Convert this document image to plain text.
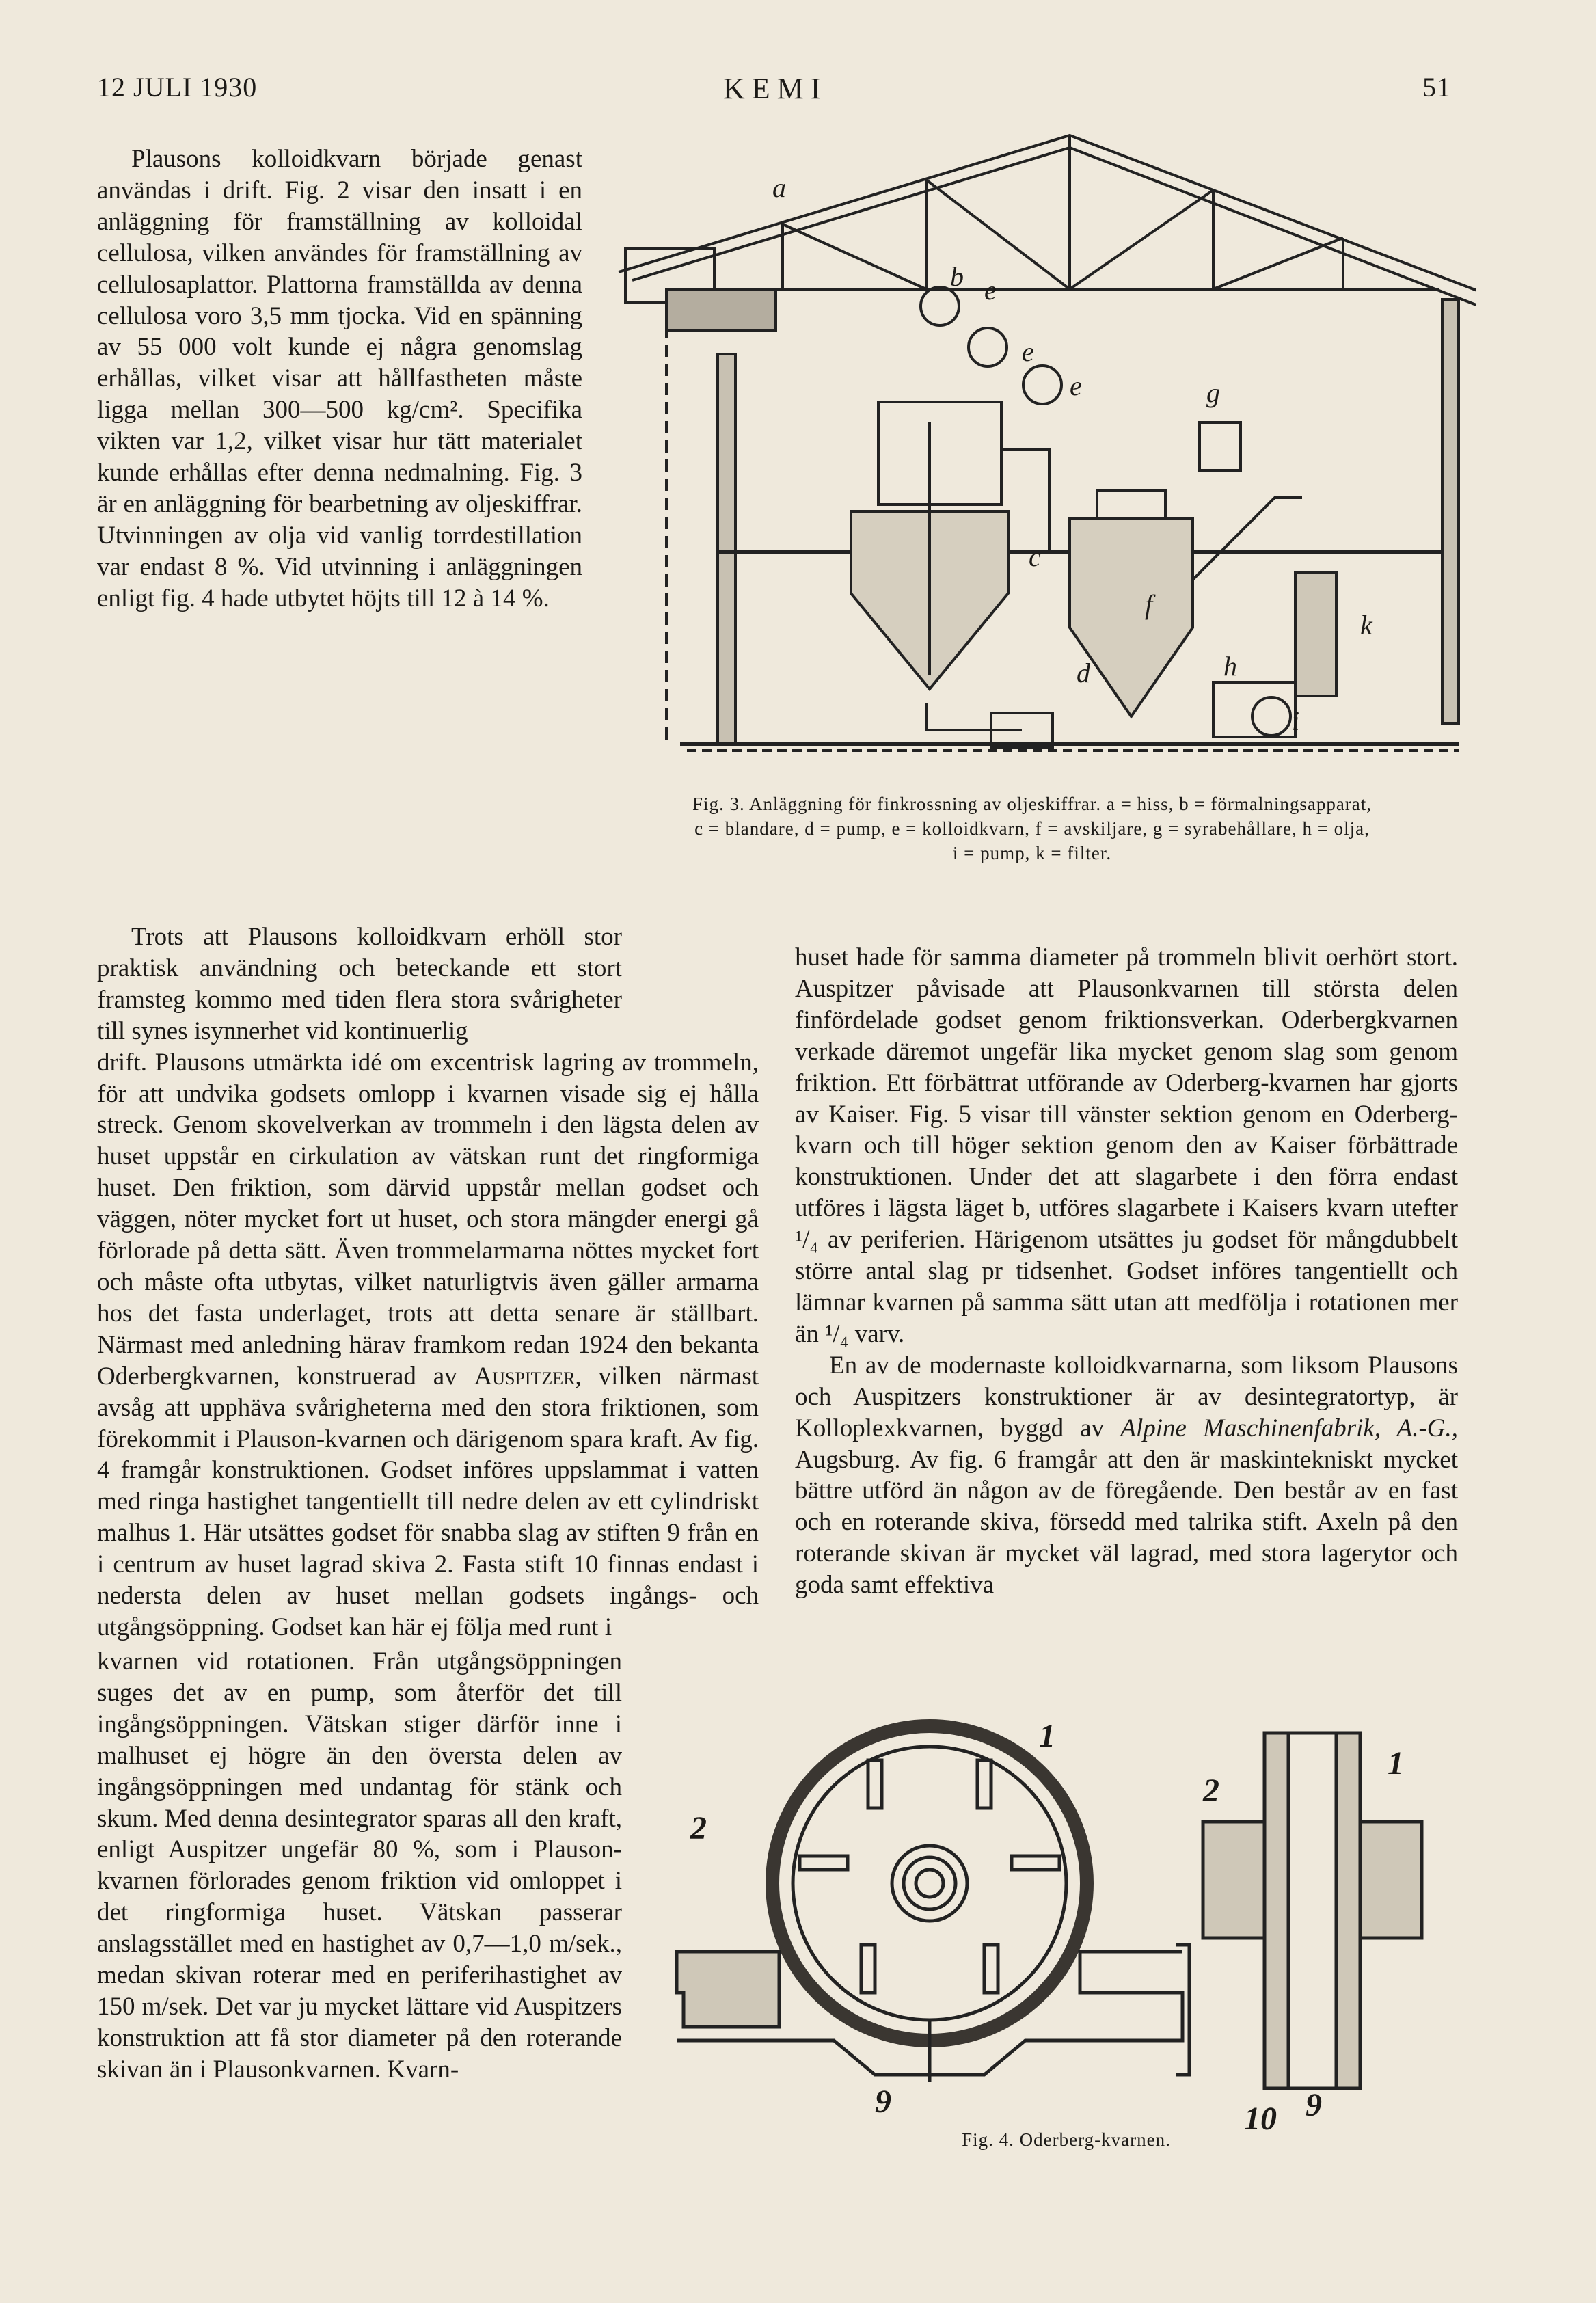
12 JULI 1930	KEMI	51

Plausons kolloidkvarn började genast användas i drift. Fig. 2 visar den insatt i en anläggning för framställning av kolloidal cellulosa, vilken användes för framställning av cellulosaplattor. Plattorna framställda av denna cellulosa voro 3,5 mm tjocka. Vid en spänning av 55 000 volt kunde ej några genomslag erhållas, vilket visar att hållfastheten måste ligga mellan 300—500 kg/cm². Specifika vikten var 1,2, vilket visar hur tätt materialet kunde erhållas efter denna nedmalning. Fig. 3 är en anläggning för bearbetning av oljeskiffrar. Utvinningen av olja vid vanlig torrdestillation var endast 8 %. Vid utvinning i anläggningen enligt fig. 4 hade utbytet höjts till 12 à 14 %.

Trots att Plausons kolloidkvarn erhöll stor praktisk användning och beteckande ett stort framsteg kommo med tiden flera stora svårigheter till synes isynnerhet vid kontinuerlig

drift. Plausons utmärkta idé om excentrisk lagring av trommeln, för att undvika godsets omlopp i kvarnen visade sig ej hålla streck. Genom skovelverkan av trommeln i den lägsta delen av huset uppstår en cirkulation av vätskan runt det ringformiga huset. Den friktion, som därvid uppstår mellan godset och väggen, nöter mycket fort ut huset, och stora mängder energi gå förlorade på detta sätt. Även trommelarmarna nöttes mycket fort och måste ofta utbytas, vilket naturligtvis även gäller armarna hos det fasta underlaget, trots att detta senare är ställbart. Närmast med anledning härav framkom redan 1924 den bekanta Oderbergkvarnen, konstruerad av Auspitzer, vilken närmast avsåg att upphäva svårigheterna med den stora friktionen, som förekommit i Plauson-kvarnen och därigenom spara kraft. Av fig. 4 framgår konstruktionen. Godset införes uppslammat i vatten med ringa hastighet tangentiellt till nedre delen av ett cylindriskt malhus 1. Här utsättes godset för snabba slag av stiften 9 från en i centrum av huset lagrad skiva 2. Fasta stift 10 finnas endast i nedersta delen av huset mellan godsets ingångs- och utgångsöppning. Godset kan här ej följa med runt i

kvarnen vid rotationen. Från utgångsöppningen suges det av en pump, som återför det till ingångsöppningen. Vätskan stiger därför inne i malhuset ej högre än den översta delen av ingångsöppningen med undantag för stänk och skum. Med denna desintegrator sparas all den kraft, enligt Auspitzer ungefär 80 %, som i Plauson-kvarnen förlorades genom friktion vid omloppet i det ringformiga huset. Vätskan passerar anslagsstället med en hastighet av 0,7—1,0 m/sek., medan skivan roterar med en periferihastighet av 150 m/sek. Det var ju mycket lättare vid Auspitzers konstruktion att få stor diameter på den roterande skivan än i Plausonkvarnen. Kvarn-

huset hade för samma diameter på trommeln blivit oerhört stort. Auspitzer påvisade att Plausonkvarnen till största delen finfördelade godset genom friktionsverkan. Oderbergkvarnen verkade däremot ungefär lika mycket genom slag som genom friktion. Ett förbättrat utförande av Oderberg-kvarnen har gjorts av Kaiser. Fig. 5 visar till vänster sektion genom en Oderberg-kvarn och till höger sektion genom den av Kaiser förbättrade konstruktionen. Under det att slagarbete i den förra endast utföres i lägsta läget b, utföres slagarbete i Kaisers kvarn utefter ¹/₄ av periferien. Härigenom utsättes ju godset för mångdubbelt större antal slag pr tidsenhet. Godset införes tangentiellt och lämnar kvarnen på samma sätt utan att medfölja i rotationen mer än ¹/₄ varv.

En av de modernaste kolloidkvarnarna, som liksom Plausons och Auspitzers konstruktioner är av desintegratortyp, är Kolloplexkvarnen, byggd av Alpine Maschinenfabrik, A.-G., Augsburg. Av fig. 6 framgår att den är maskintekniskt mycket bättre utförd än någon av de föregående. Den består av en fast och en roterande skiva, försedd med talrika stift. Axeln på den roterande skivan är mycket väl lagrad, med stora lagerytor och goda samt effektiva

a
b
c
d
e
e
e
f
g
h
i
k
Fig. 3. Anläggning för finkrossning av oljeskiffrar. a = hiss, b = förmalningsapparat,
c = blandare, d = pump, e = kolloidkvarn, f = avskiljare, g = syrabehållare, h = olja,
i = pump, k = filter.
1
2
9
1
2
10 9
Fig. 4. Oderberg-kvarnen.
